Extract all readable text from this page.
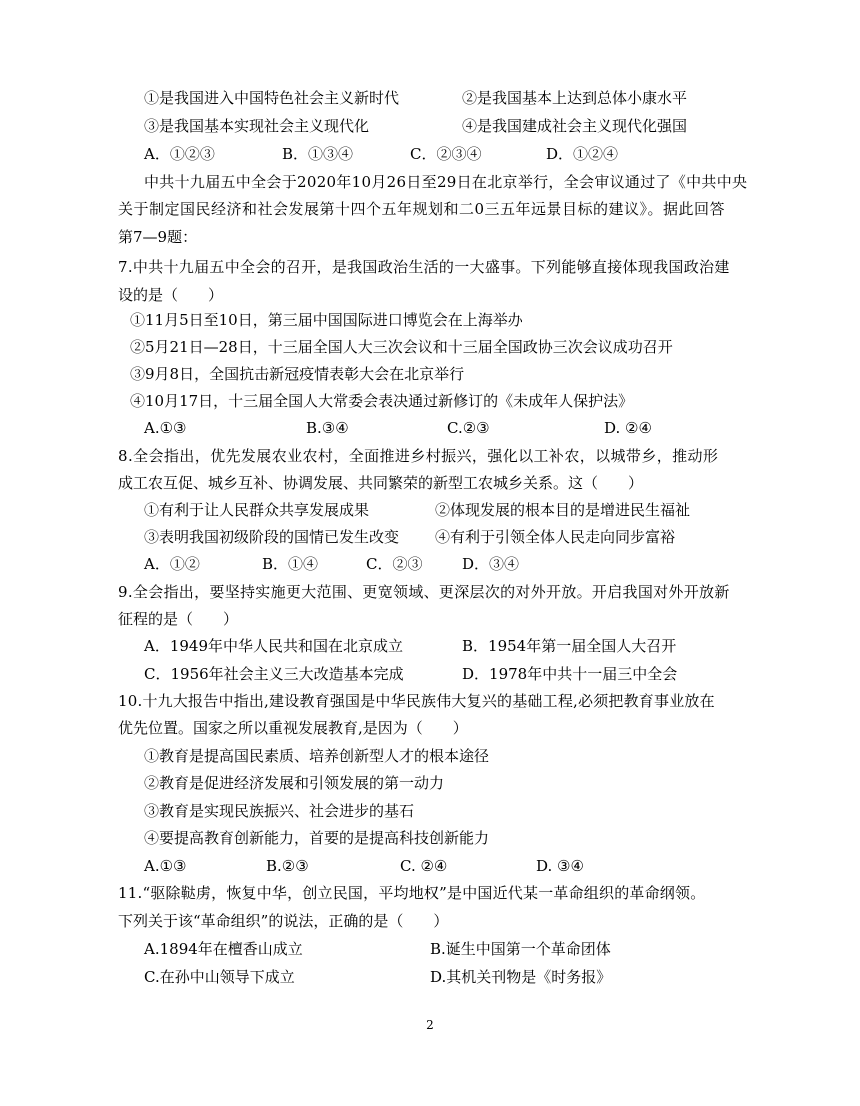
①是我国进入中国特色社会主义新时代	②是我国基本上达到总体小康水平
③是我国基本实现社会主义现代化	④是我国建成社会主义现代化强国
A．①②③	B．①③④	C．②③④	D．①②④
中共十九届五中全会于2020年10月26日至29日在北京举行，全会审议通过了《中共中央
关于制定国民经济和社会发展第十四个五年规划和二0三五年远景目标的建议》。据此回答
第7—9题：
7.中共十九届五中全会的召开，是我国政治生活的一大盛事。下列能够直接体现我国政治建
设的是（　　）
①11月5日至10日，第三届中国国际进口博览会在上海举办
②5月21日—28日，十三届全国人大三次会议和十三届全国政协三次会议成功召开
③9月8日，全国抗击新冠疫情表彰大会在北京举行
④10月17日，十三届全国人大常委会表决通过新修订的《未成年人保护法》
A.①③	B.③④	C.②③	D. ②④
8.全会指出，优先发展农业农村，全面推进乡村振兴，强化以工补农，以城带乡，推动形
成工农互促、城乡互补、协调发展、共同繁荣的新型工农城乡关系。这（　　）
①有利于让人民群众共享发展成果	②体现发展的根本目的是增进民生福祉
③表明我国初级阶段的国情已发生改变 ④有利于引领全体人民走向同步富裕
A．①②	B．①④	C．②③	D．③④
9.全会指出，要坚持实施更大范围、更宽领域、更深层次的对外开放。开启我国对外开放新
征程的是（　　）
A．1949年中华人民共和国在北京成立	B．1954年第一届全国人大召开
C．1956年社会主义三大改造基本完成	D．1978年中共十一届三中全会
10.十九大报告中指出,建设教育强国是中华民族伟大复兴的基础工程,必须把教育事业放在
优先位置。国家之所以重视发展教育,是因为（　　）
①教育是提高国民素质、培养创新型人才的根本途径
②教育是促进经济发展和引领发展的第一动力
③教育是实现民族振兴、社会进步的基石
④要提高教育创新能力，首要的是提高科技创新能力
A.①③	B.②③	C. ②④	D. ③④
11.“驱除鞑虏，恢复中华，创立民国，平均地权”是中国近代某一革命组织的革命纲领。
下列关于该“革命组织”的说法，正确的是（　　）
A.1894年在檀香山成立	B.诞生中国第一个革命团体
C.在孙中山领导下成立	D.其机关刊物是《时务报》
2
